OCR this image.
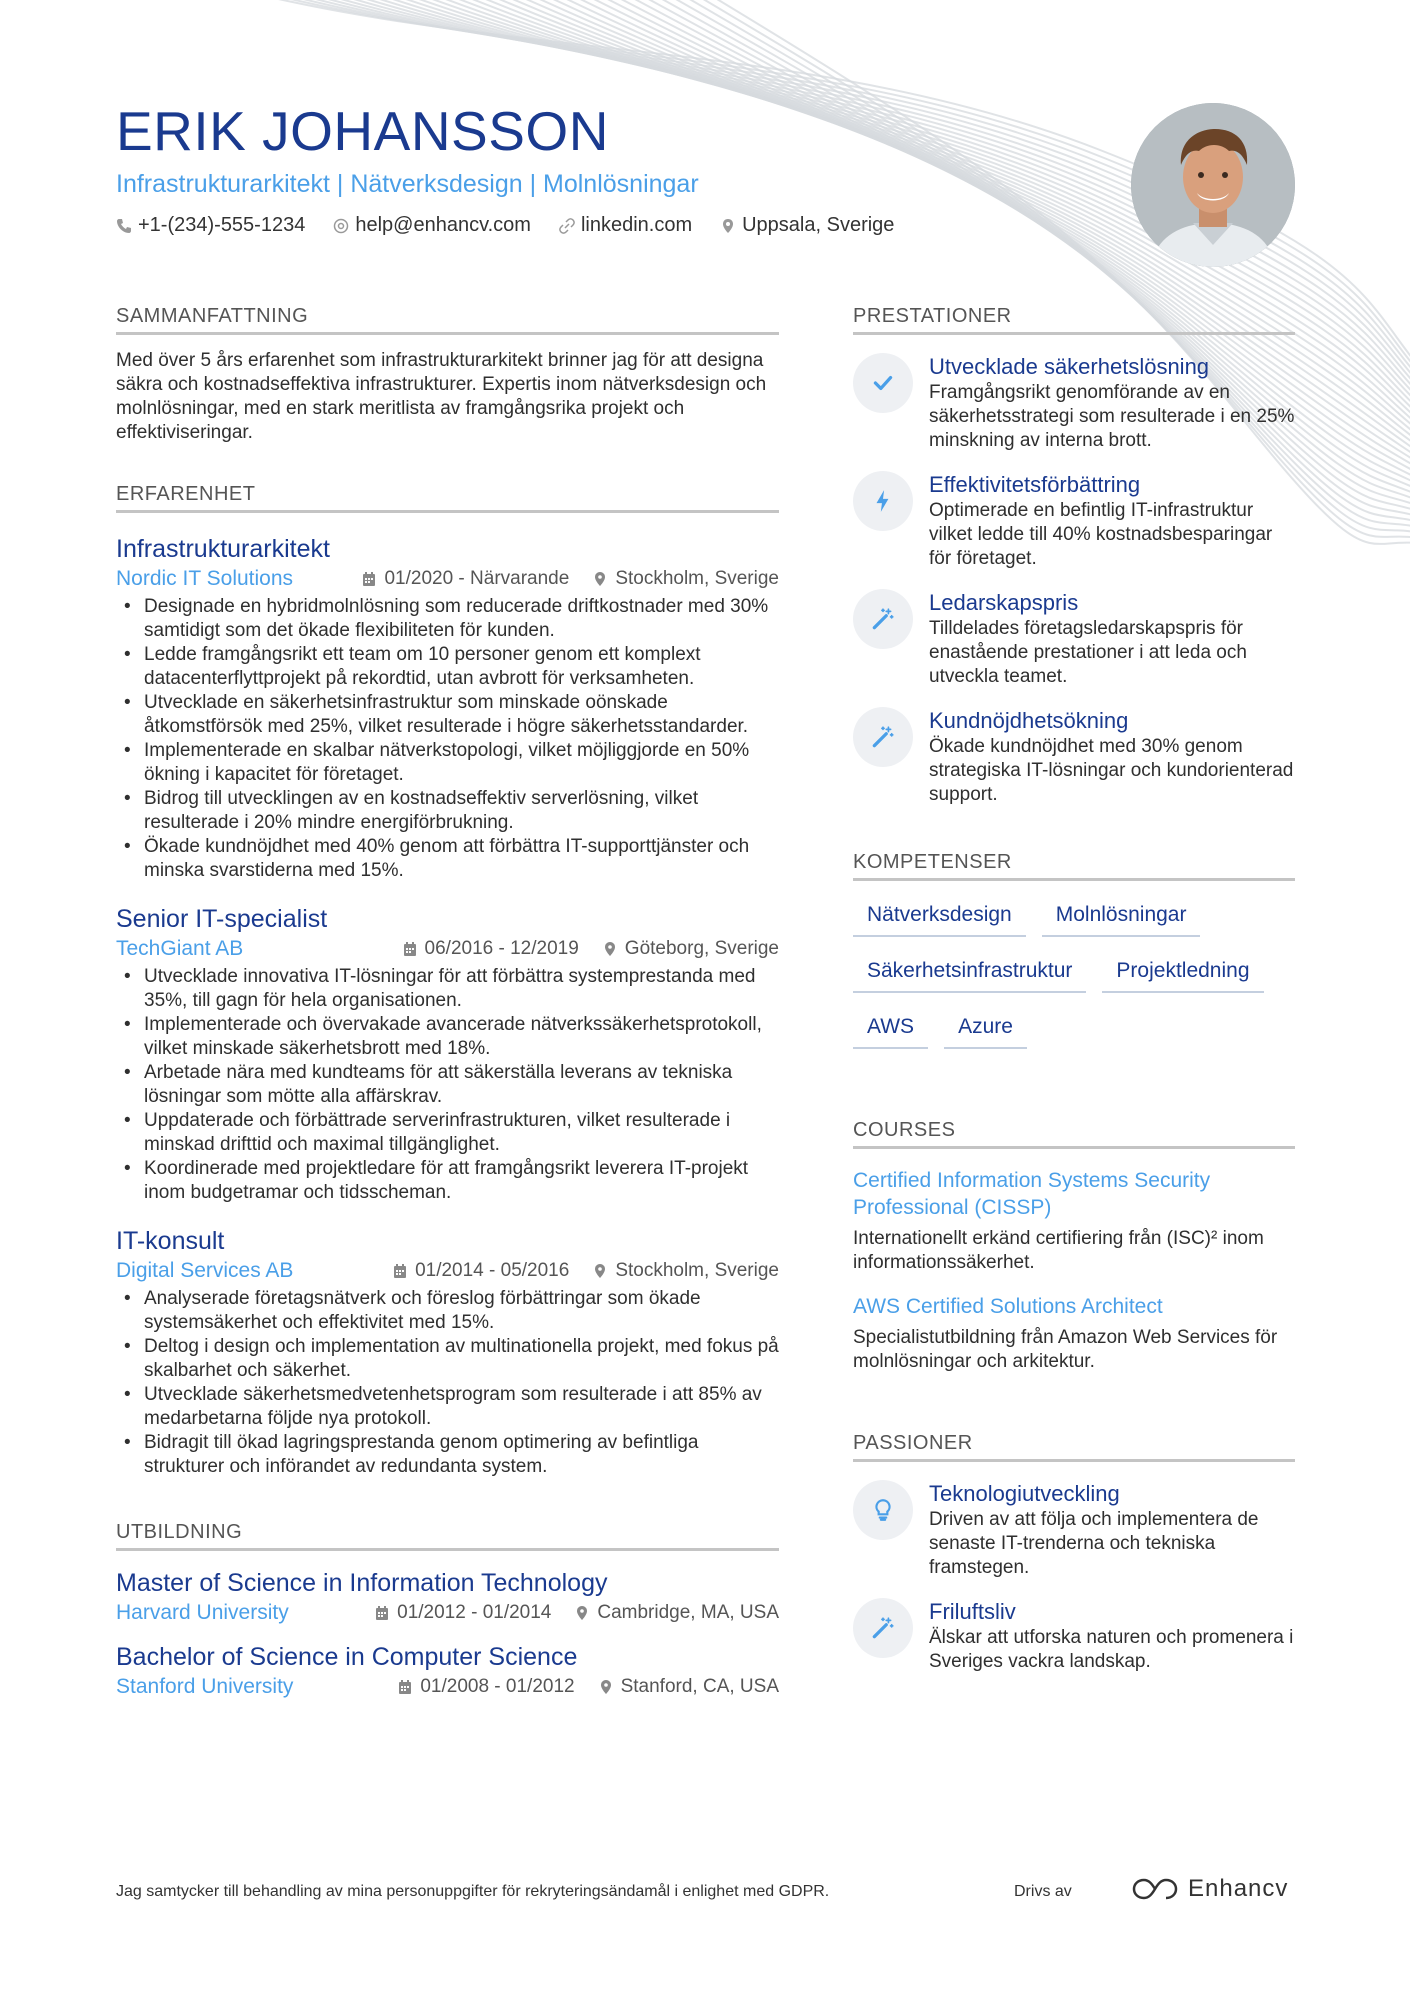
ERIK JOHANSSON
Infrastrukturarkitekt | Nätverksdesign | Molnlösningar
+1-(234)-555-1234	help@enhancv.com	linkedin.com	Uppsala, Sverige
SAMMANFATTNING
Med över 5 års erfarenhet som infrastrukturarkitekt brinner jag för att designa säkra och kostnadseffektiva infrastrukturer. Expertis inom nätverksdesign och molnlösningar, med en stark meritlista av framgångsrika projekt och effektiviseringar.
ERFARENHET
Infrastrukturarkitekt
Nordic IT Solutions	01/2020 - Närvarande Stockholm, Sverige
• Designade en hybridmolnlösning som reducerade driftkostnader med 30% samtidigt som det ökade flexibiliteten för kunden.
• Ledde framgångsrikt ett team om 10 personer genom ett komplext datacenterflyttprojekt på rekordtid, utan avbrott för verksamheten.
• Utvecklade en säkerhetsinfrastruktur som minskade oönskade åtkomstförsök med 25%, vilket resulterade i högre säkerhetsstandarder.
• Implementerade en skalbar nätverkstopologi, vilket möjliggjorde en 50% ökning i kapacitet för företaget.
• Bidrog till utvecklingen av en kostnadseffektiv serverlösning, vilket resulterade i 20% mindre energiförbrukning.
• Ökade kundnöjdhet med 40% genom att förbättra IT-supporttjänster och minska svarstiderna med 15%.
Senior IT-specialist
TechGiant AB	06/2016 - 12/2019 Göteborg, Sverige
• Utvecklade innovativa IT-lösningar för att förbättra systemprestanda med 35%, till gagn för hela organisationen.
• Implementerade och övervakade avancerade nätverkssäkerhetsprotokoll, vilket minskade säkerhetsbrott med 18%.
• Arbetade nära med kundteams för att säkerställa leverans av tekniska lösningar som mötte alla affärskrav.
• Uppdaterade och förbättrade serverinfrastrukturen, vilket resulterade i minskad drifttid och maximal tillgänglighet.
• Koordinerade med projektledare för att framgångsrikt leverera IT-projekt inom budgetramar och tidsscheman.
IT-konsult
Digital Services AB	01/2014 - 05/2016 Stockholm, Sverige
• Analyserade företagsnätverk och föreslog förbättringar som ökade systemsäkerhet och effektivitet med 15%.
• Deltog i design och implementation av multinationella projekt, med fokus på skalbarhet och säkerhet.
• Utvecklade säkerhetsmedvetenhetsprogram som resulterade i att 85% av medarbetarna följde nya protokoll.
• Bidragit till ökad lagringsprestanda genom optimering av befintliga strukturer och införandet av redundanta system.
UTBILDNING
Master of Science in Information Technology
Harvard University	01/2012 - 01/2014 Cambridge, MA, USA
Bachelor of Science in Computer Science
Stanford University	01/2008 - 01/2012 Stanford, CA, USA
PRESTATIONER
Utvecklade säkerhetslösning
Framgångsrikt genomförande av en säkerhetsstrategi som resulterade i en 25% minskning av interna brott.
Effektivitetsförbättring
Optimerade en befintlig IT-infrastruktur vilket ledde till 40% kostnadsbesparingar för företaget.
Ledarskapspris
Tilldelades företagsledarskapspris för enastående prestationer i att leda och utveckla teamet.
Kundnöjdhetsökning
Ökade kundnöjdhet med 30% genom strategiska IT-lösningar och kundorienterad support.
KOMPETENSER
Nätverksdesign	Molnlösningar
Säkerhetsinfrastruktur	Projektledning
AWS	Azure
COURSES
Certified Information Systems Security Professional (CISSP)
Internationellt erkänd certifiering från (ISC)² inom informationssäkerhet.
AWS Certified Solutions Architect
Specialistutbildning från Amazon Web Services för molnlösningar och arkitektur.
PASSIONER
Teknologiutveckling
Driven av att följa och implementera de senaste IT-trenderna och tekniska framstegen.
Friluftsliv
Älskar att utforska naturen och promenera i Sveriges vackra landskap.
Jag samtycker till behandling av mina personuppgifter för rekryteringsändamål i enlighet med GDPR.	Drivs av	Enhancv
